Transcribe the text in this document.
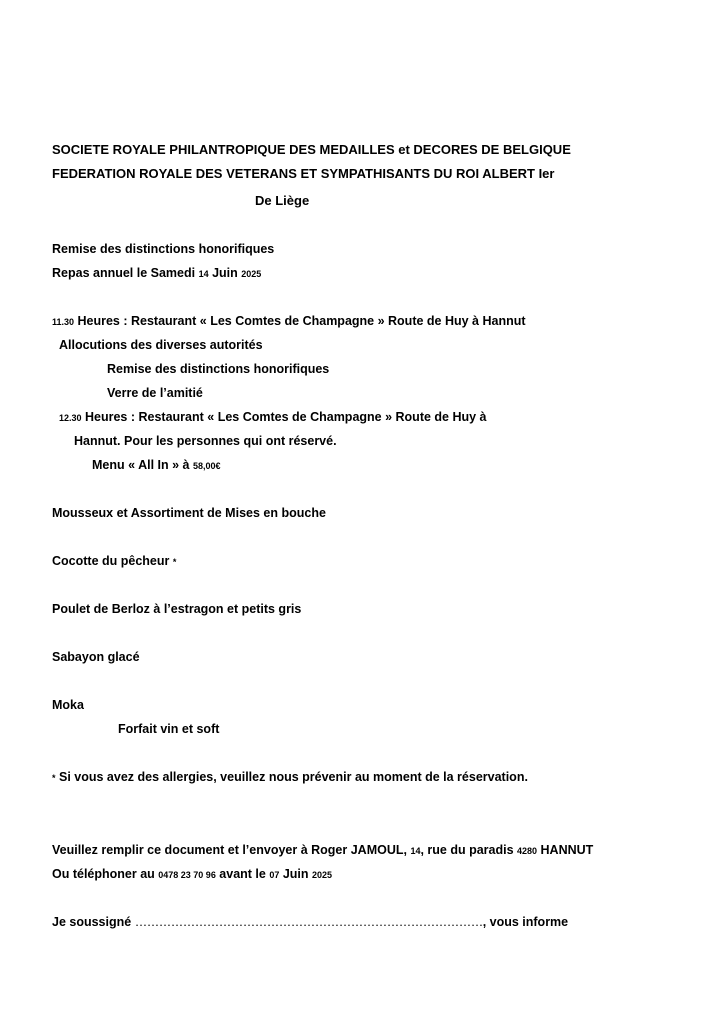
SOCIETE ROYALE PHILANTROPIQUE DES MEDAILLES et DECORES DE BELGIQUE
FEDERATION ROYALE DES VETERANS ET SYMPATHISANTS DU ROI ALBERT Ier
De Liège
Remise des distinctions honorifiques
Repas annuel le Samedi 14 Juin 2025
11.30 Heures : Restaurant « Les Comtes de Champagne » Route de Huy à Hannut
Allocutions des diverses autorités
Remise des distinctions honorifiques
Verre de l’amitié
12.30 Heures : Restaurant « Les Comtes de Champagne » Route de Huy à
Hannut. Pour les personnes qui ont réservé.
Menu « All In » à 58,00€
Mousseux et Assortiment de Mises en bouche
Cocotte du pêcheur *
Poulet de Berloz à l’estragon et petits gris
Sabayon glacé
Moka
Forfait vin et soft
* Si vous avez des allergies, veuillez nous prévenir au moment de la réservation.
Veuillez remplir ce document et l’envoyer à Roger JAMOUL, 14, rue du paradis 4280 HANNUT
Ou téléphoner au 0478 23 70 96 avant le 07 Juin 2025
Je soussigné ……………………………………………………………………………, vous informe
